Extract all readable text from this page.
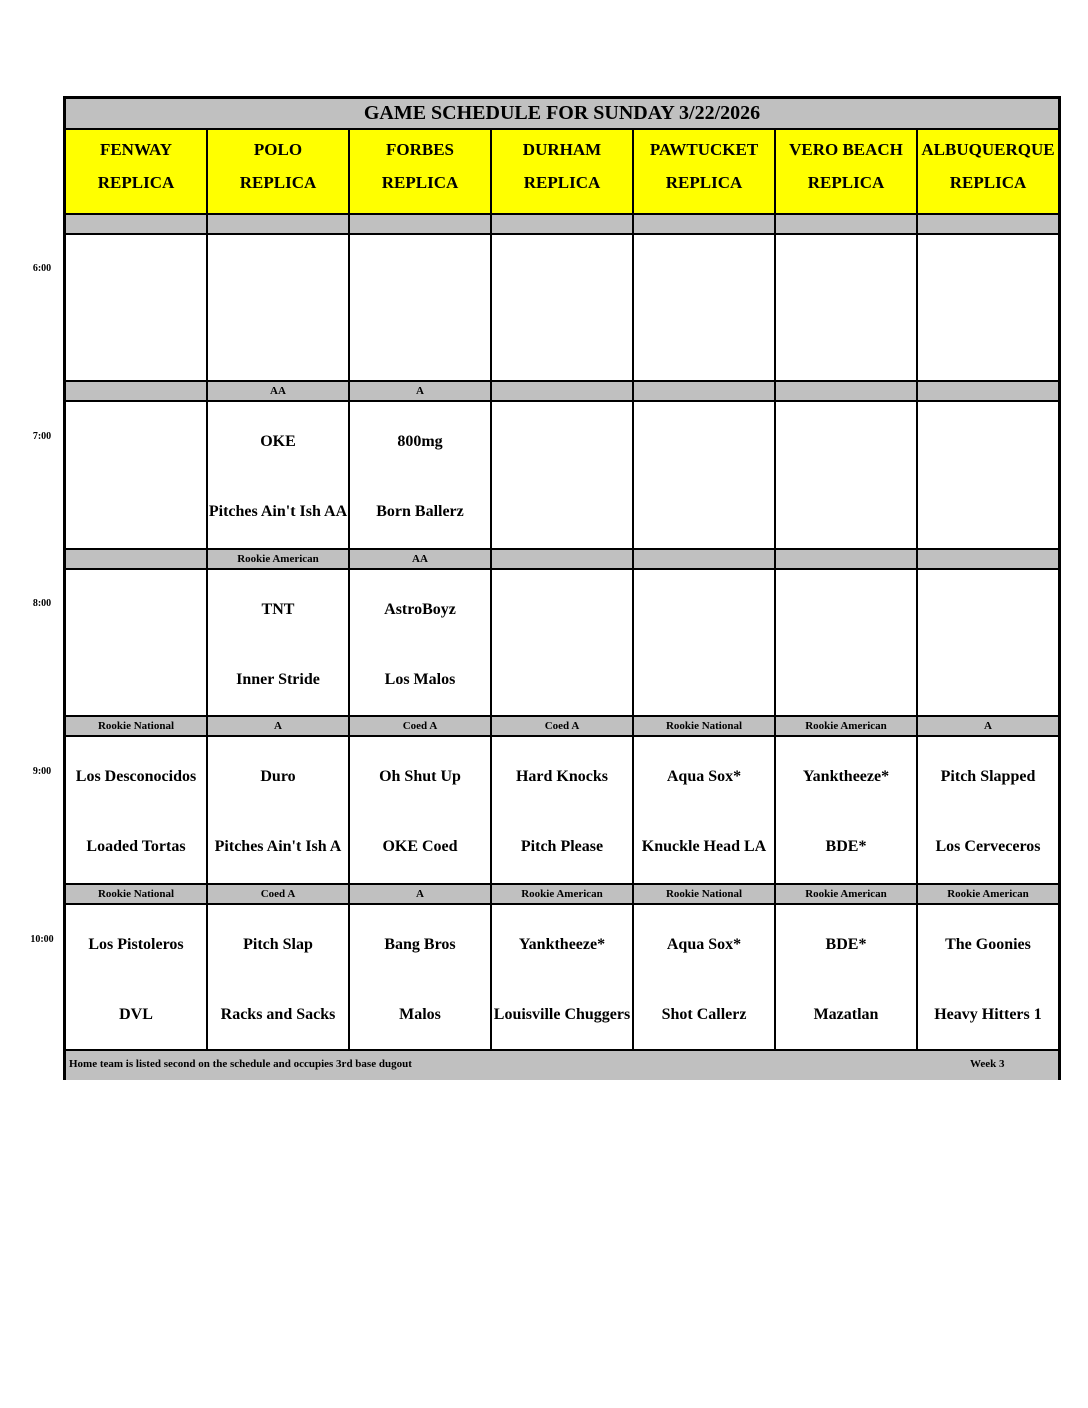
6:00
7:00
8:00
9:00
10:00
GAME SCHEDULE FOR SUNDAY 3/22/2026
FENWAY
REPLICA
Rookie National
Los Desconocidos
Loaded Tortas
Rookie National
Los Pistoleros
DVL
POLO
REPLICA
AA
OKE
Pitches Ain't Ish AA
Rookie American
TNT
Inner Stride
A
Duro
Pitches Ain't Ish A
Coed A
Pitch Slap
Racks and Sacks
FORBES
REPLICA
A
800mg
Born Ballerz
AA
AstroBoyz
Los Malos
Coed A
Oh Shut Up
OKE Coed
A
Bang Bros
Malos
DURHAM
REPLICA
Coed A
Hard Knocks
Pitch Please
Rookie American
Yanktheeze*
Louisville Chuggers
PAWTUCKET
REPLICA
Rookie National
Aqua Sox*
Knuckle Head LA
Rookie National
Aqua Sox*
Shot Callerz
VERO BEACH
REPLICA
Rookie American
Yanktheeze*
BDE*
Rookie American
BDE*
Mazatlan
ALBUQUERQUE
REPLICA
A
Pitch Slapped
Los Cerveceros
Rookie American
The Goonies
Heavy Hitters 1
Home team is listed second on the schedule and occupies 3rd base dugout	Week 3
